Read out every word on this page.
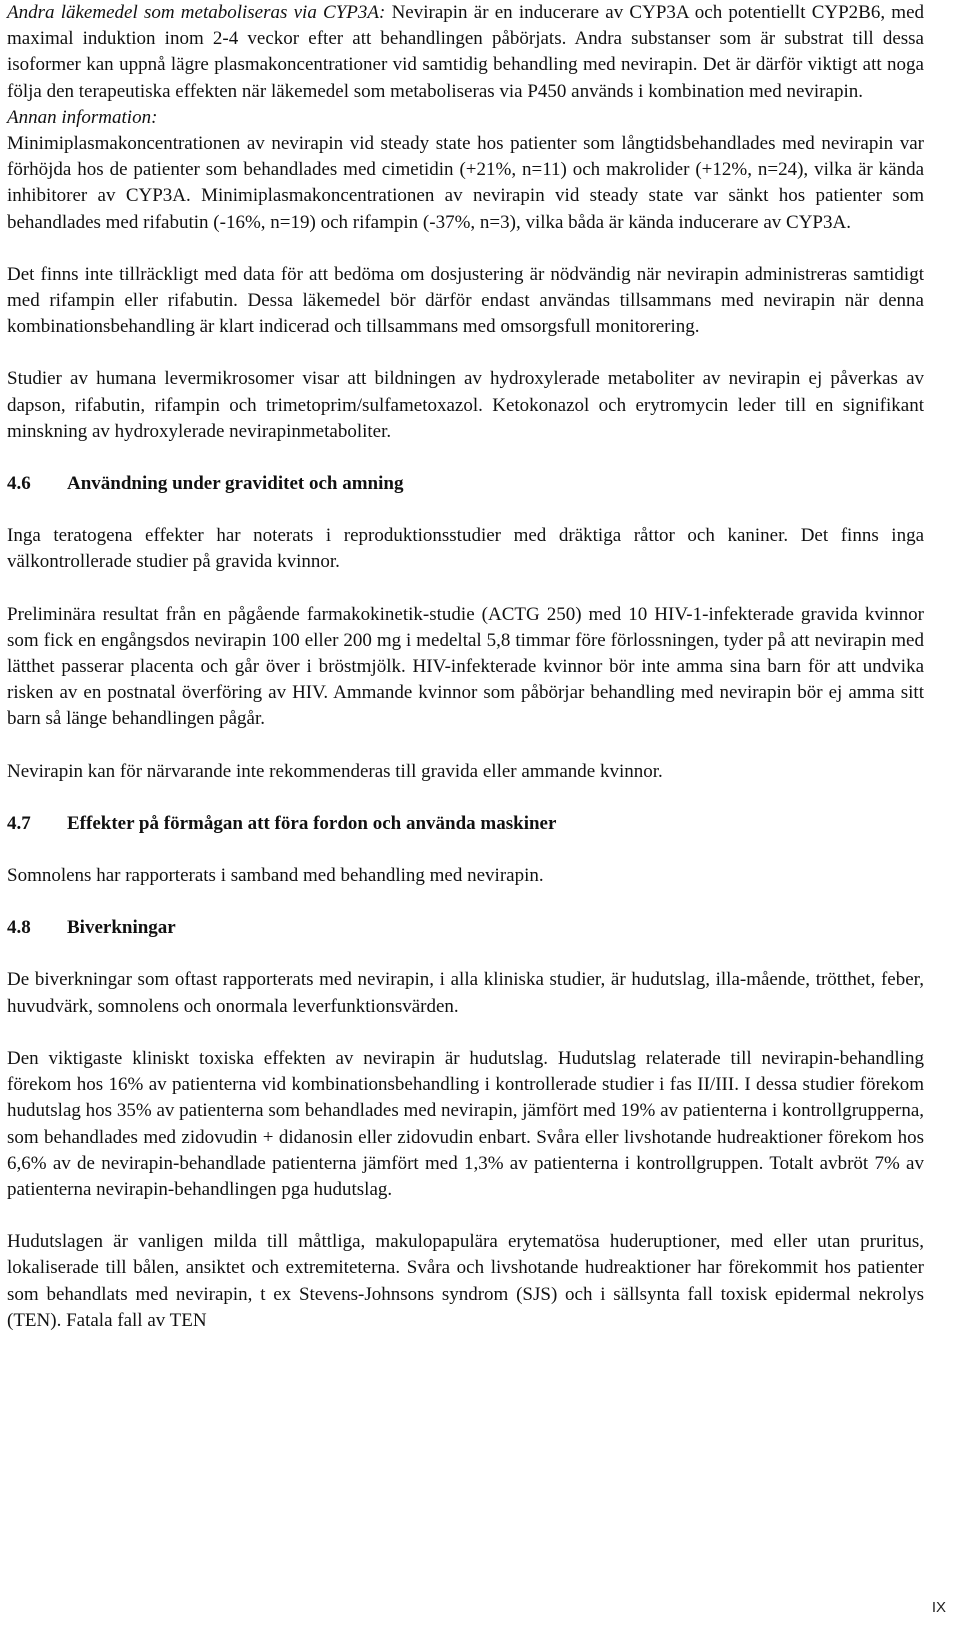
Andra läkemedel som metaboliseras via CYP3A: Nevirapin är en inducerare av CYP3A och potentiellt CYP2B6, med maximal induktion inom 2-4 veckor efter att behandlingen påbörjats. Andra substanser som är substrat till dessa isoformer kan uppnå lägre plasmakoncentrationer vid samtidig behandling med nevirapin. Det är därför viktigt att noga följa den terapeutiska effekten när läkemedel som metaboliseras via P450 används i kombination med nevirapin.

Annan information:

Minimiplasmakoncentrationen av nevirapin vid steady state hos patienter som långtidsbehandlades med nevirapin var förhöjda hos de patienter som behandlades med cimetidin (+21%, n=11) och makrolider (+12%, n=24), vilka är kända inhibitorer av CYP3A. Minimiplasmakoncentrationen av nevirapin vid steady state var sänkt hos patienter som behandlades med rifabutin (-16%, n=19) och rifampin (-37%, n=3), vilka båda är kända inducerare av CYP3A.

Det finns inte tillräckligt med data för att bedöma om dosjustering är nödvändig när nevirapin administreras samtidigt med rifampin eller rifabutin. Dessa läkemedel bör därför endast användas tillsammans med nevirapin när denna kombinationsbehandling är klart indicerad och tillsammans med omsorgsfull monitorering.

Studier av humana levermikrosomer visar att bildningen av hydroxylerade metaboliter av nevirapin ej påverkas av dapson, rifabutin, rifampin och trimetoprim/sulfametoxazol. Ketokonazol och erytromycin leder till en signifikant minskning av hydroxylerade nevirapinmetaboliter.

4.6 Användning under graviditet och amning

Inga teratogena effekter har noterats i reproduktionsstudier med dräktiga råttor och kaniner. Det finns inga välkontrollerade studier på gravida kvinnor.

Preliminära resultat från en pågående farmakokinetik-studie (ACTG 250) med 10 HIV-1-infekterade gravida kvinnor som fick en engångsdos nevirapin 100 eller 200 mg i medeltal 5,8 timmar före förlossningen, tyder på att nevirapin med lätthet passerar placenta och går över i bröstmjölk. HIV-infekterade kvinnor bör inte amma sina barn för att undvika risken av en postnatal överföring av HIV. Ammande kvinnor som påbörjar behandling med nevirapin bör ej amma sitt barn så länge behandlingen pågår.

Nevirapin kan för närvarande inte rekommenderas till gravida eller ammande kvinnor.

4.7 Effekter på förmågan att föra fordon och använda maskiner

Somnolens har rapporterats i samband med behandling med nevirapin.

4.8 Biverkningar

De biverkningar som oftast rapporterats med nevirapin, i alla kliniska studier, är hudutslag, illa-mående, trötthet, feber, huvudvärk, somnolens och onormala leverfunktionsvärden.

Den viktigaste kliniskt toxiska effekten av nevirapin är hudutslag. Hudutslag relaterade till nevirapin-behandling förekom hos 16% av patienterna vid kombinationsbehandling i kontrollerade studier i fas II/III. I dessa studier förekom hudutslag hos 35% av patienterna som behandlades med nevirapin, jämfört med 19% av patienterna i kontrollgrupperna, som behandlades med zidovudin + didanosin eller zidovudin enbart. Svåra eller livshotande hudreaktioner förekom hos 6,6% av de nevirapin-behandlade patienterna jämfört med 1,3% av patienterna i kontrollgruppen. Totalt avbröt 7% av patienterna nevirapin-behandlingen pga hudutslag.

Hudutslagen är vanligen milda till måttliga, makulopapulära erytematösa huderuptioner, med eller utan pruritus, lokaliserade till bålen, ansiktet och extremiteterna. Svåra och livshotande hudreaktioner har förekommit hos patienter som behandlats med nevirapin, t ex Stevens-Johnsons syndrom (SJS) och i sällsynta fall toxisk epidermal nekrolys (TEN). Fatala fall av TEN

IX
